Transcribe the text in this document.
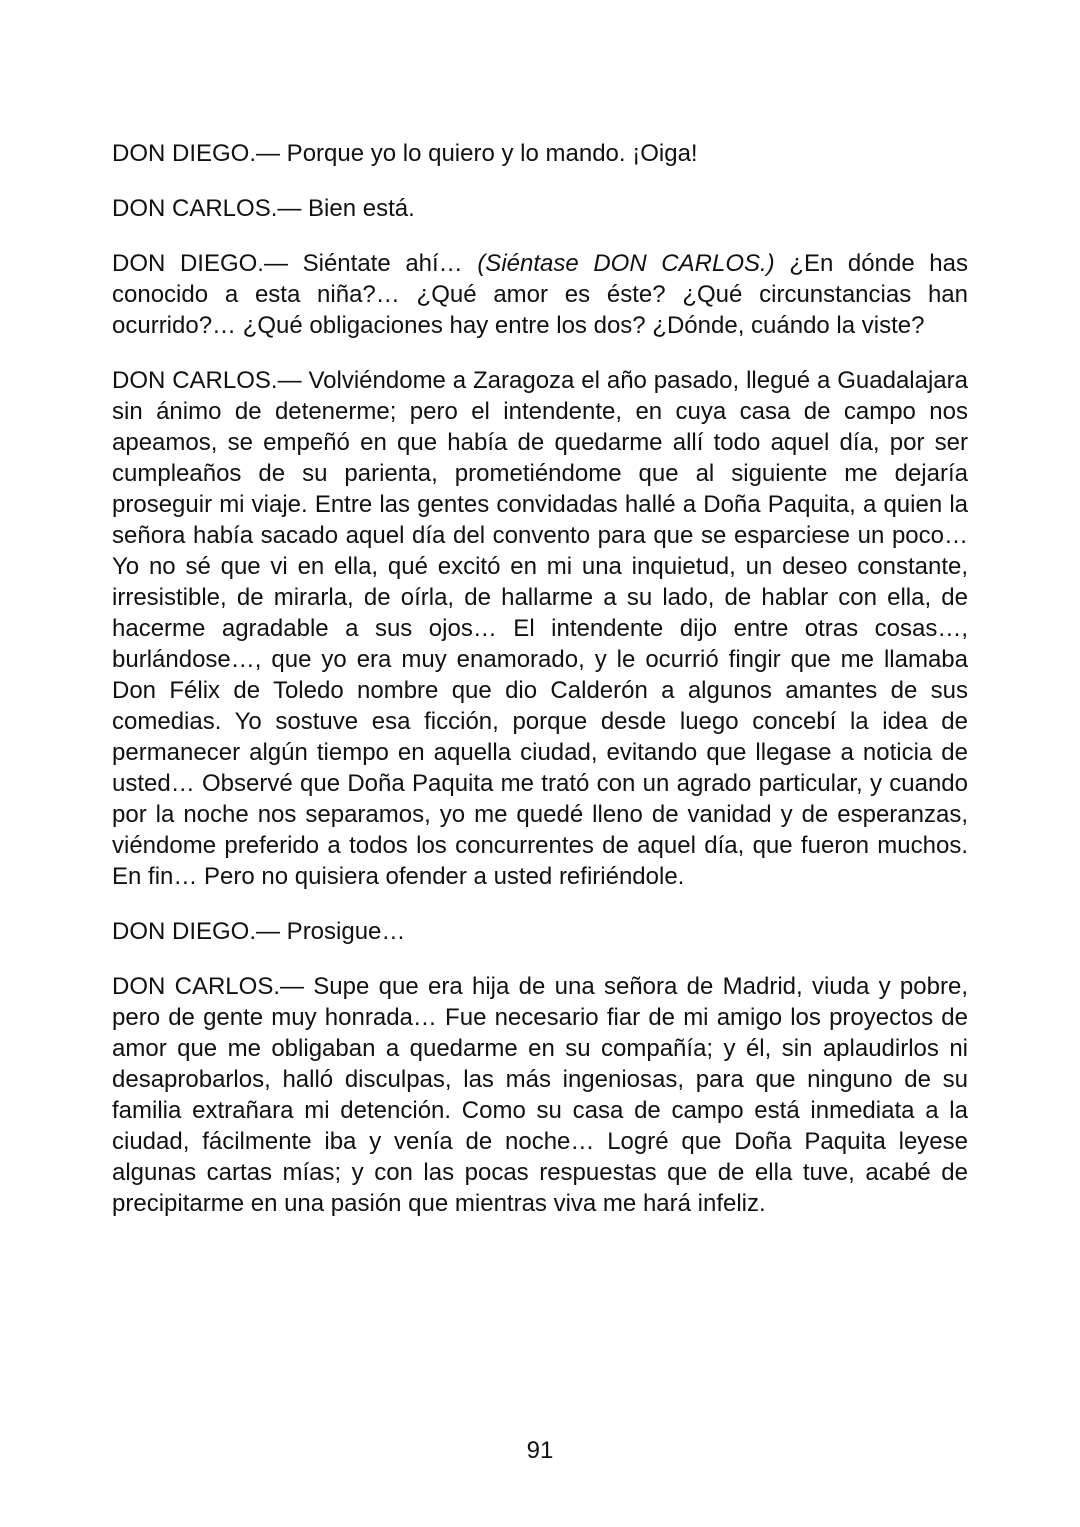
DON DIEGO.— Porque yo lo quiero y lo mando. ¡Oiga!

DON CARLOS.— Bien está.

DON DIEGO.— Siéntate ahí… (Siéntase DON CARLOS.) ¿En dónde has conocido a esta niña?… ¿Qué amor es éste? ¿Qué circunstancias han ocurrido?… ¿Qué obligaciones hay entre los dos? ¿Dónde, cuándo la viste?

DON CARLOS.— Volviéndome a Zaragoza el año pasado, llegué a Guadalajara sin ánimo de detenerme; pero el intendente, en cuya casa de campo nos apeamos, se empeñó en que había de quedarme allí todo aquel día, por ser cumpleaños de su parienta, prometiéndome que al siguiente me dejaría proseguir mi viaje. Entre las gentes convidadas hallé a Doña Paquita, a quien la señora había sacado aquel día del convento para que se esparciese un poco… Yo no sé que vi en ella, qué excitó en mi una inquietud, un deseo constante, irresistible, de mirarla, de oírla, de hallarme a su lado, de hablar con ella, de hacerme agradable a sus ojos… El intendente dijo entre otras cosas…, burlándose…, que yo era muy enamorado, y le ocurrió fingir que me llamaba Don Félix de Toledo nombre que dio Calderón a algunos amantes de sus comedias. Yo sostuve esa ficción, porque desde luego concebí la idea de permanecer algún tiempo en aquella ciudad, evitando que llegase a noticia de usted… Observé que Doña Paquita me trató con un agrado particular, y cuando por la noche nos separamos, yo me quedé lleno de vanidad y de esperanzas, viéndome preferido a todos los concurrentes de aquel día, que fueron muchos. En fin… Pero no quisiera ofender a usted refiriéndole.

DON DIEGO.— Prosigue…

DON CARLOS.— Supe que era hija de una señora de Madrid, viuda y pobre, pero de gente muy honrada… Fue necesario fiar de mi amigo los proyectos de amor que me obligaban a quedarme en su compañía; y él, sin aplaudirlos ni desaprobarlos, halló disculpas, las más ingeniosas, para que ninguno de su familia extrañara mi detención. Como su casa de campo está inmediata a la ciudad, fácilmente iba y venía de noche… Logré que Doña Paquita leyese algunas cartas mías; y con las pocas respuestas que de ella tuve, acabé de precipitarme en una pasión que mientras viva me hará infeliz.

91
